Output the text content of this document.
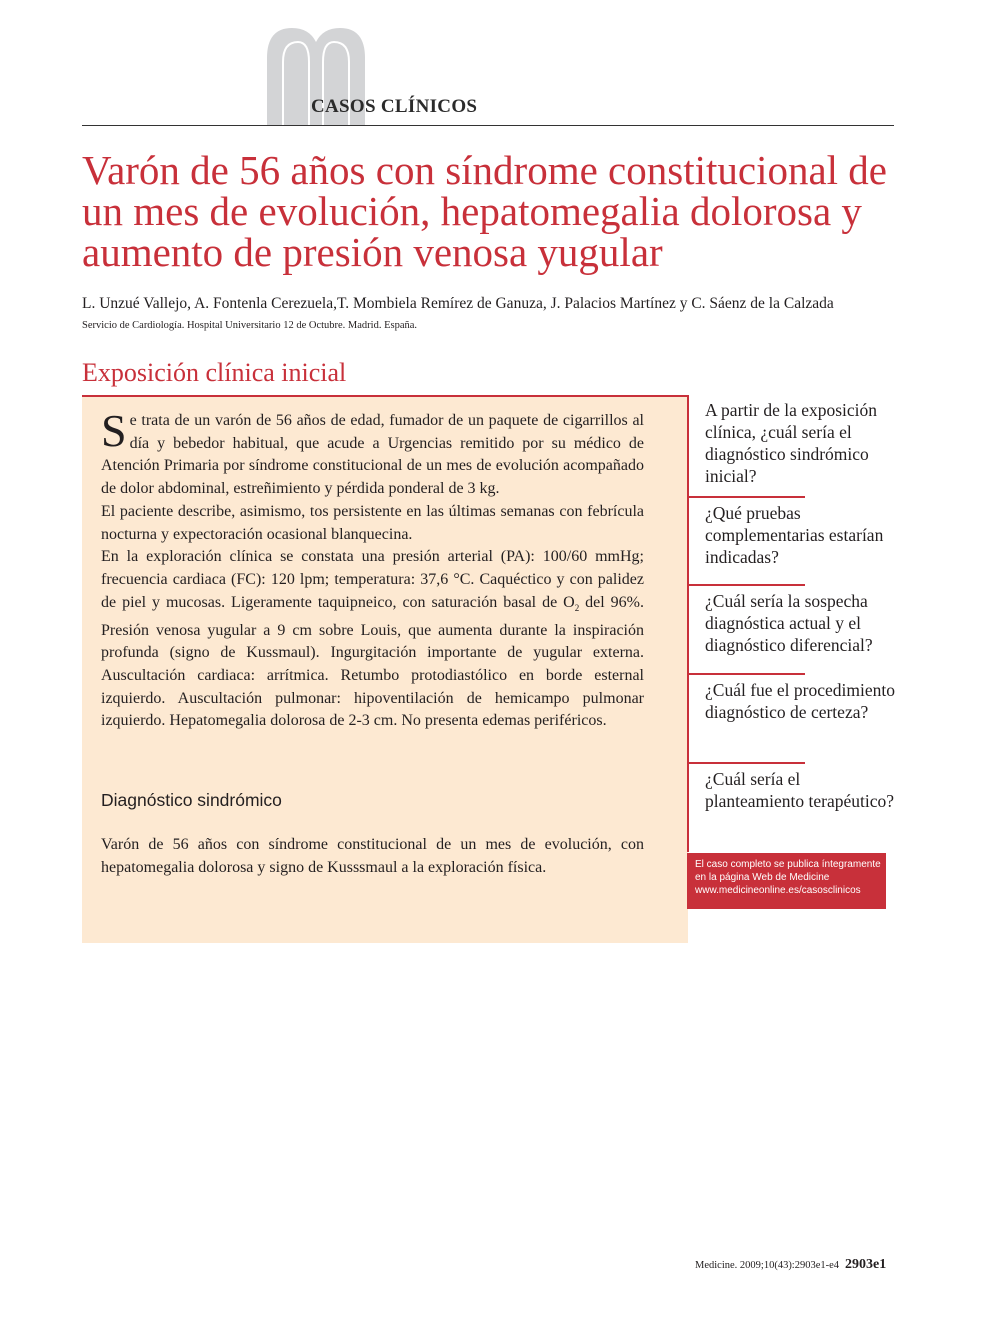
CASOS CLÍNICOS
Varón de 56 años con síndrome constitucional de un mes de evolución, hepatomegalia dolorosa y aumento de presión venosa yugular
L. Unzué Vallejo, A. Fontenla Cerezuela,T. Mombiela Remírez de Ganuza, J. Palacios Martínez y C. Sáenz de la Calzada
Servicio de Cardiología. Hospital Universitario 12 de Octubre. Madrid. España.
Exposición clínica inicial

Se trata de un varón de 56 años de edad, fumador de un paquete de cigarrillos al día y bebedor habitual, que acude a Urgencias remitido por su médico de Atención Primaria por síndrome constitucional de un mes de evolución acompañado de dolor abdominal, estreñimiento y pérdida ponderal de 3 kg.

El paciente describe, asimismo, tos persistente en las últimas semanas con febrícula nocturna y expectoración ocasional blanquecina.

En la exploración clínica se constata una presión arterial (PA): 100/60 mmHg; frecuencia cardiaca (FC): 120 lpm; temperatura: 37,6 °C. Caquéctico y con palidez de piel y mucosas. Ligeramente taquipneico, con saturación basal de $O_2$ del 96%. Presión venosa yugular a 9 cm sobre Louis, que aumenta durante la inspiración profunda (signo de Kussmaul). Ingurgitación importante de yugular externa. Auscultación cardiaca: arrítmica. Retumbo protodiastólico en borde esternal izquierdo. Auscultación pulmonar: hipoventilación de hemicampo pulmonar izquierdo. Hepatomegalia dolorosa de 2-3 cm. No presenta edemas periféricos.

Diagnóstico sindrómico

Varón de 56 años con síndrome constitucional de un mes de evolución, con hepatomegalia dolorosa y signo de Kusssmaul a la exploración física.

A partir de la exposición clínica, ¿cuál sería el diagnóstico sindrómico inicial?
¿Qué pruebas complementarias estarían indicadas?
¿Cuál sería la sospecha diagnóstica actual y el diagnóstico diferencial?
¿Cuál fue el procedimiento diagnóstico de certeza?
¿Cuál sería el planteamiento terapéutico?
El caso completo se publica íntegramente
en la página Web de Medicine
www.medicineonline.es/casosclinicos
Medicine. 2009;10(43):2903e1-e4 2903e1
